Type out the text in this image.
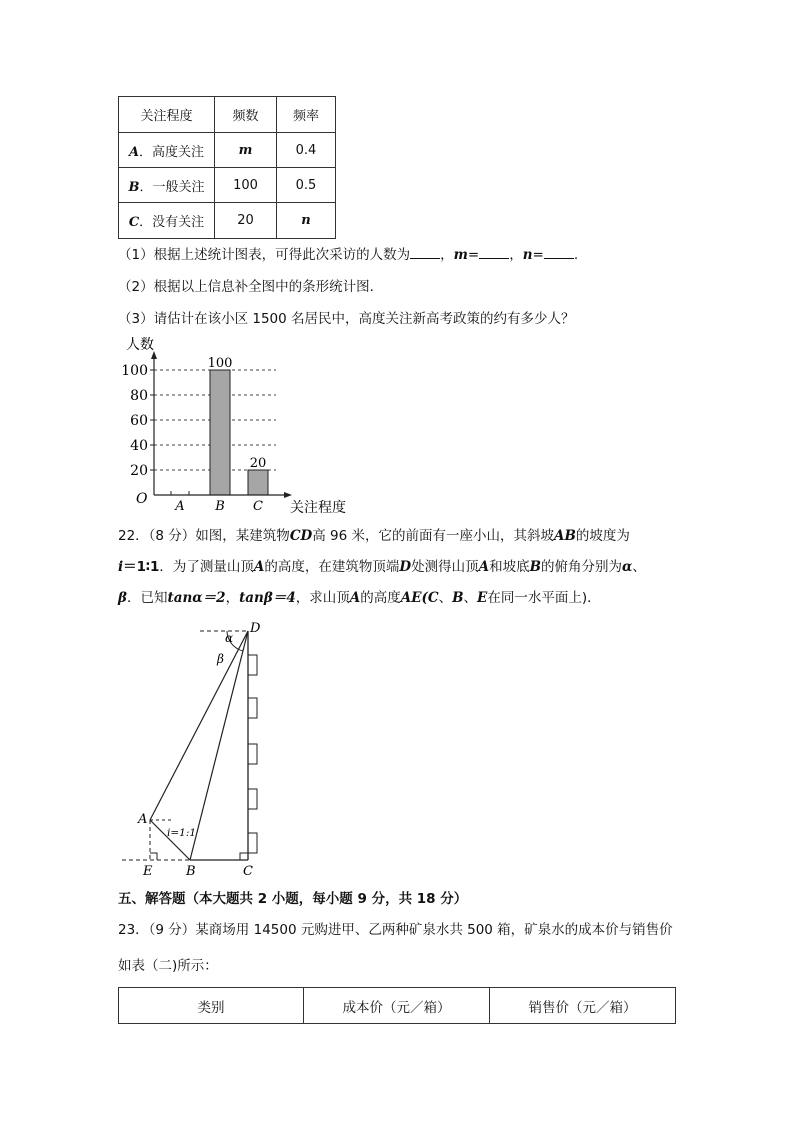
关注程度	频数	频率
A．高度关注	m	0.4
B．一般关注	100	0.5
C．没有关注	20	n
（1）根据上述统计图表，可得此次采访的人数为 ，m= ，n= .
（2）根据以上信息补全图中的条形统计图．
（3）请估计在该小区 1500 名居民中，高度关注新高考政策的约有多少人？
100
20
20
40
60
80
100
A B C
人数
关注程度
O
22．（8 分）如图，某建筑物CD高 96 米，它的前面有一座小山，其斜坡AB的坡度为
i＝1∶1．为了测量山顶A的高度，在建筑物顶端D处测得山顶A和坡底B的俯角分别为α、
β．已知tanα＝2，tanβ＝4，求山顶A的高度AE(C、B、E在同一水平面上)．
D
α
β
A
i=1:1
E	B	C
五、解答题（本大题共 2 小题，每小题 9 分，共 18 分）
23．（9 分）某商场用 14500 元购进甲、乙两种矿泉水共 500 箱，矿泉水的成本价与销售价
如表（二)所示：
类别	成本价（元／箱）	销售价（元／箱）
